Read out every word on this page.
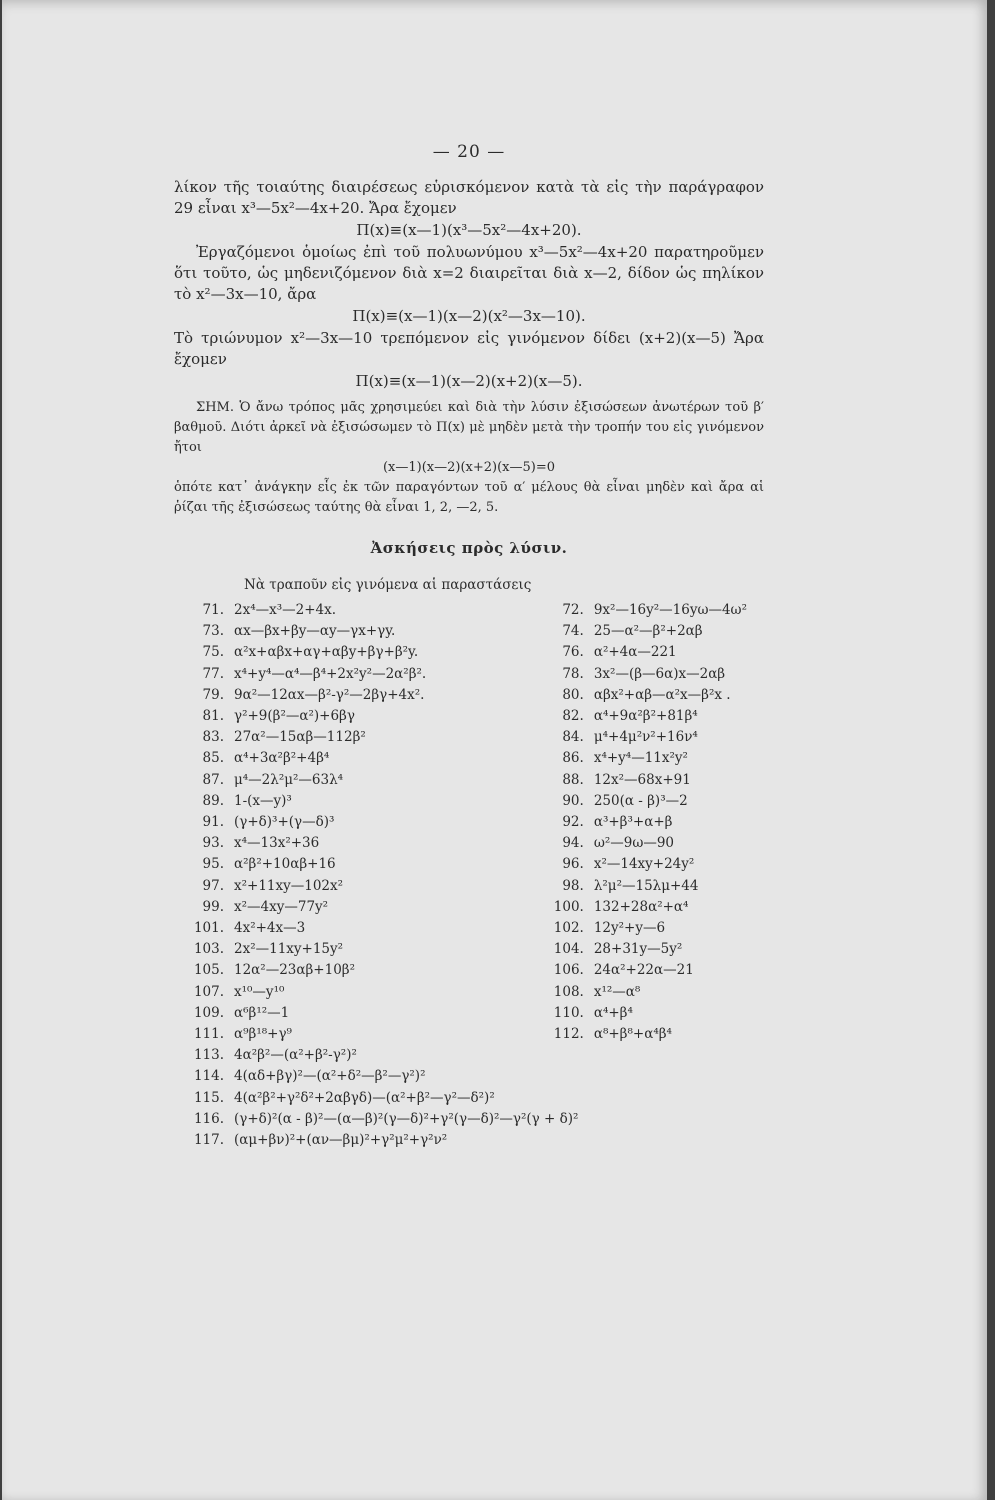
— 20 —

λίκον τῆς τοιαύτης διαιρέσεως εὑρισκόμενον κατὰ τὰ εἰς τὴν παράγραφον 29 εἶναι x³—5x²—4x+20. Ἄρα ἔχομεν

Π(x)≡(x—1)(x³—5x²—4x+20).

Ἐργαζόμενοι ὁμοίως ἐπὶ τοῦ πολυωνύμου x³—5x²—4x+20 παρατηροῦμεν ὅτι τοῦτο, ὡς μηδενιζόμενον διὰ x=2 διαιρεῖται διὰ x—2, δίδον ὡς πηλίκον τὸ x²—3x—10, ἄρα

Π(x)≡(x—1)(x—2)(x²—3x—10).

Τὸ τριώνυμον x²—3x—10 τρεπόμενον εἰς γινόμενον δίδει (x+2)(x—5) Ἄρα ἔχομεν

Π(x)≡(x—1)(x—2)(x+2)(x—5).

ΣΗΜ. Ὁ ἄνω τρόπος μᾶς χρησιμεύει καὶ διὰ τὴν λύσιν ἐξισώσεων ἀνωτέρων τοῦ β′ βαθμοῦ. Διότι ἀρκεῖ νὰ ἐξισώσωμεν τὸ Π(x) μὲ μηδὲν μετὰ τὴν τροπήν του εἰς γινόμενον ἤτοι

(x—1)(x—2)(x+2)(x—5)=0

ὁπότε κατ᾽ ἀνάγκην εἷς ἐκ τῶν παραγόντων τοῦ α′ μέλους θὰ εἶναι μηδὲν καὶ ἄρα αἱ ῥίζαι τῆς ἐξισώσεως ταύτης θὰ εἶναι 1, 2, —2, 5.

Ἀσκήσεις πρὸς λύσιν.

Νὰ τραποῦν εἰς γινόμενα αἱ παραστάσεις

71. 2x⁴—x³—2+4x.	72. 9x²—16y²—16yω—4ω²
73. αx—βx+βy—αy—γx+γy.	74. 25—α²—β²+2αβ
75. α²x+αβx+αγ+αβy+βγ+β²y.	76. α²+4α—221
77. x⁴+y⁴—α⁴—β⁴+2x²y²—2α²β².	78. 3x²—(β—6α)x—2αβ
79. 9α²—12αx—β²-γ²—2βγ+4x².	80. αβx²+αβ—α²x—β²x .
81. γ²+9(β²—α²)+6βγ	82. α⁴+9α²β²+81β⁴
83. 27α²—15αβ—112β²	84. μ⁴+4μ²ν²+16ν⁴
85. α⁴+3α²β²+4β⁴	86. x⁴+y⁴—11x²y²
87. μ⁴—2λ²μ²—63λ⁴	88. 12x²—68x+91
89. 1-(x—y)³	90. 250(α - β)³—2
91. (γ+δ)³+(γ—δ)³	92. α³+β³+α+β
93. x⁴—13x²+36	94. ω²—9ω—90
95. α²β²+10αβ+16	96. x²—14xy+24y²
97. x²+11xy—102x²	98. λ²μ²—15λμ+44
99. x²—4xy—77y²	100. 132+28α²+α⁴
101. 4x²+4x—3	102. 12y²+y—6
103. 2x²—11xy+15y²	104. 28+31y—5y²
105. 12α²—23αβ+10β²	106. 24α²+22α—21
107. x¹⁰—y¹⁰	108. x¹²—α⁸
109. α⁶β¹²—1	110. α⁴+β⁴
111. α⁹β¹⁸+γ⁹	112. α⁸+β⁸+α⁴β⁴
113. 4α²β²—(α²+β²-γ²)²
114. 4(αδ+βγ)²—(α²+δ²—β²—γ²)²
115. 4(α²β²+γ²δ²+2αβγδ)—(α²+β²—γ²—δ²)²
116. (γ+δ)²(α - β)²—(α—β)²(γ—δ)²+γ²(γ—δ)²—γ²(γ + δ)²
117. (αμ+βν)²+(αν—βμ)²+γ²μ²+γ²ν²
